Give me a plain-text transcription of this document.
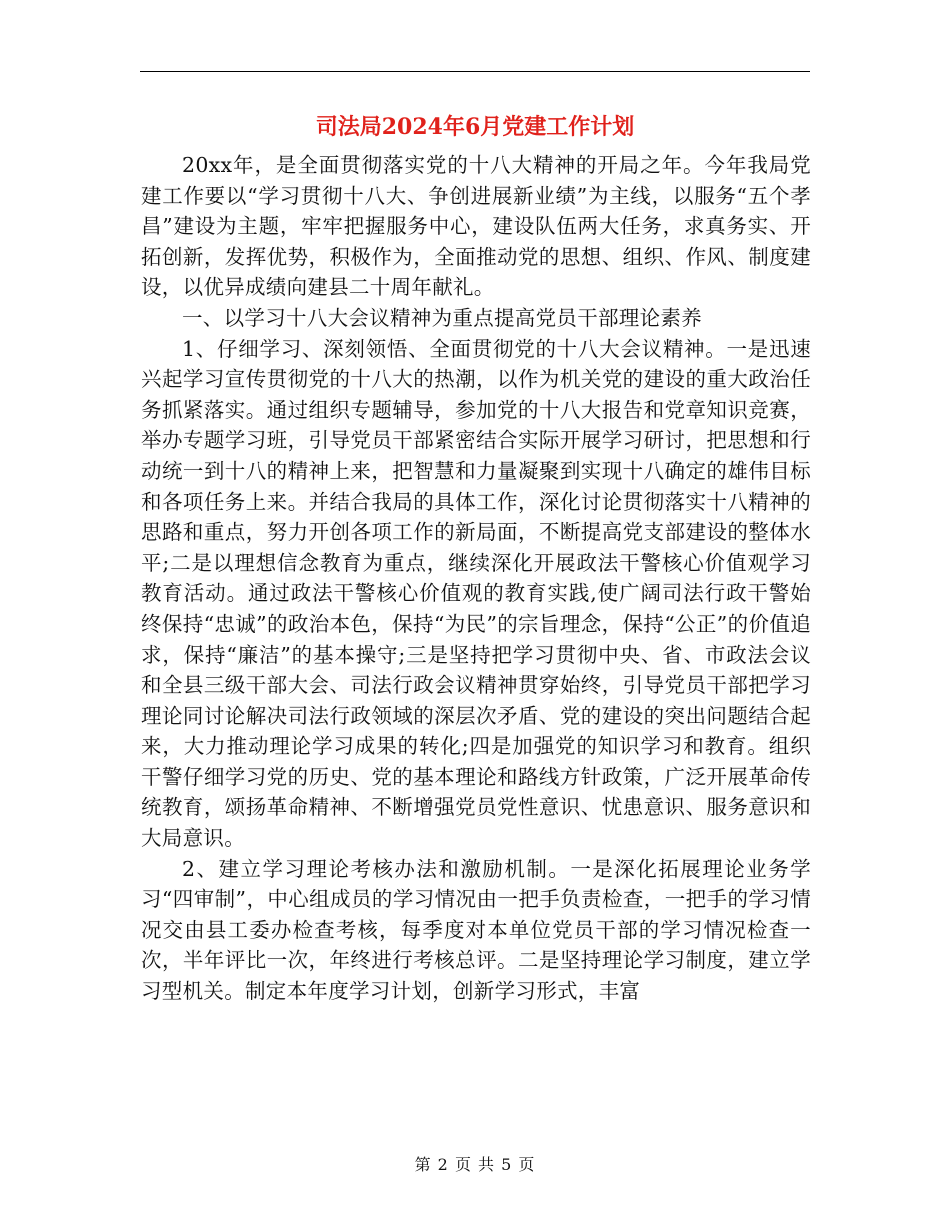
司法局2024年6月党建工作计划

20xx年，是全面贯彻落实党的十八大精神的开局之年。今年我局党建工作要以“学习贯彻十八大、争创进展新业绩”为主线，以服务“五个孝昌”建设为主题，牢牢把握服务中心，建设队伍两大任务，求真务实、开拓创新，发挥优势，积极作为，全面推动党的思想、组织、作风、制度建设，以优异成绩向建县二十周年献礼。

一、以学习十八大会议精神为重点提高党员干部理论素养

1、仔细学习、深刻领悟、全面贯彻党的十八大会议精神。一是迅速兴起学习宣传贯彻党的十八大的热潮，以作为机关党的建设的重大政治任务抓紧落实。通过组织专题辅导，参加党的十八大报告和党章知识竞赛，举办专题学习班，引导党员干部紧密结合实际开展学习研讨，把思想和行动统一到十八的精神上来，把智慧和力量凝聚到实现十八确定的雄伟目标和各项任务上来。并结合我局的具体工作，深化讨论贯彻落实十八精神的思路和重点，努力开创各项工作的新局面，不断提高党支部建设的整体水平;二是以理想信念教育为重点，继续深化开展政法干警核心价值观学习教育活动。通过政法干警核心价值观的教育实践,使广阔司法行政干警始终保持“忠诚”的政治本色，保持“为民”的宗旨理念，保持“公正”的价值追求，保持“廉洁”的基本操守;三是坚持把学习贯彻中央、省、市政法会议和全县三级干部大会、司法行政会议精神贯穿始终，引导党员干部把学习理论同讨论解决司法行政领域的深层次矛盾、党的建设的突出问题结合起来，大力推动理论学习成果的转化;四是加强党的知识学习和教育。组织干警仔细学习党的历史、党的基本理论和路线方针政策，广泛开展革命传统教育，颂扬革命精神、不断增强党员党性意识、忧患意识、服务意识和大局意识。

2、建立学习理论考核办法和激励机制。一是深化拓展理论业务学习“四审制”，中心组成员的学习情况由一把手负责检查，一把手的学习情况交由县工委办检查考核，每季度对本单位党员干部的学习情况检查一次，半年评比一次，年终进行考核总评。二是坚持理论学习制度，建立学习型机关。制定本年度学习计划，创新学习形式，丰富

第 2 页 共 5 页
